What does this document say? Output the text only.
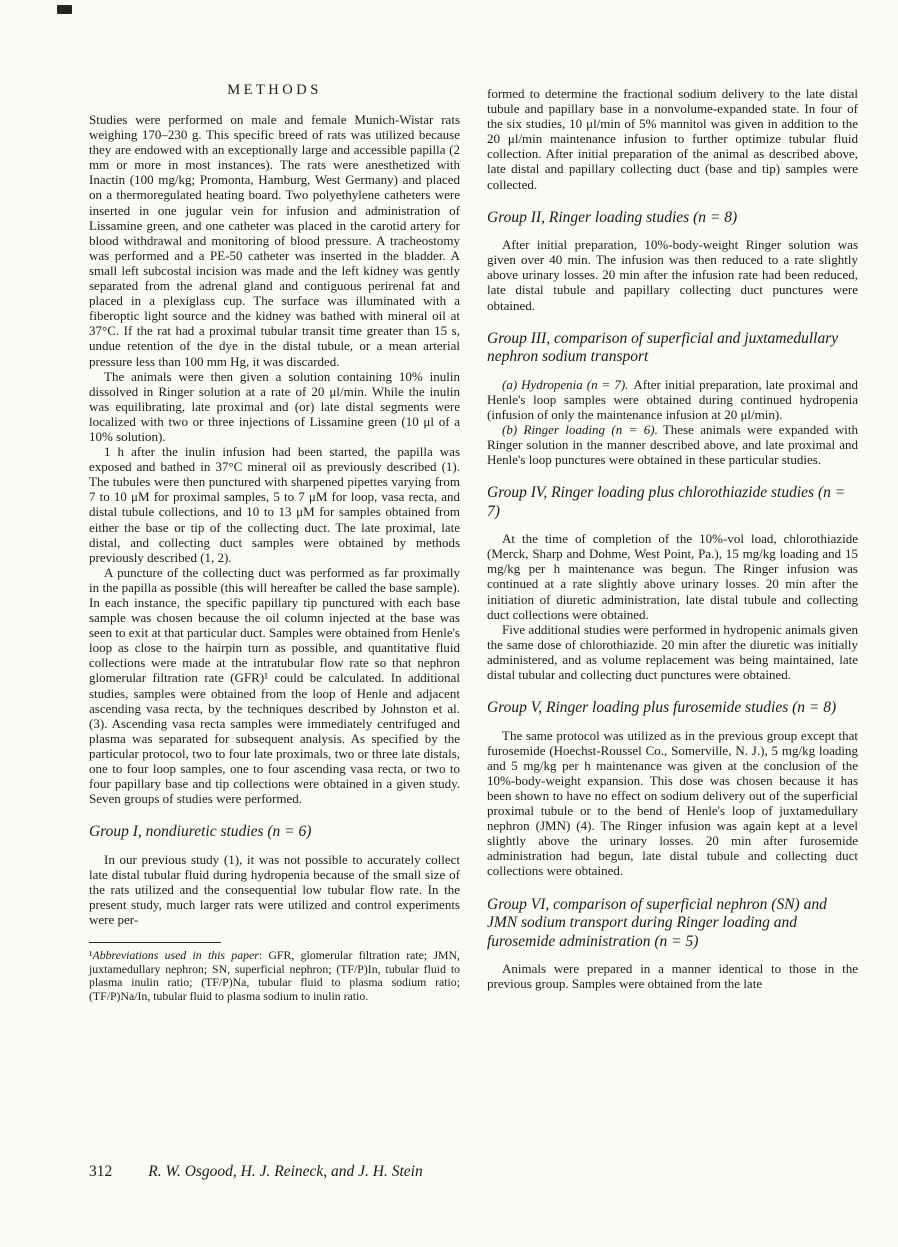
METHODS

Studies were performed on male and female Munich-Wistar rats weighing 170–230 g. This specific breed of rats was utilized because they are endowed with an exceptionally large and accessible papilla (2 mm or more in most instances). The rats were anesthetized with Inactin (100 mg/kg; Promonta, Hamburg, West Germany) and placed on a thermoregulated heating board. Two polyethylene catheters were inserted in one jugular vein for infusion and administration of Lissamine green, and one catheter was placed in the carotid artery for blood withdrawal and monitoring of blood pressure. A tracheostomy was performed and a PE-50 catheter was inserted in the bladder. A small left subcostal incision was made and the left kidney was gently separated from the adrenal gland and contiguous perirenal fat and placed in a plexiglass cup. The surface was illuminated with a fiberoptic light source and the kidney was bathed with mineral oil at 37°C. If the rat had a proximal tubular transit time greater than 15 s, undue retention of the dye in the distal tubule, or a mean arterial pressure less than 100 mm Hg, it was discarded.

The animals were then given a solution containing 10% inulin dissolved in Ringer solution at a rate of 20 μl/min. While the inulin was equilibrating, late proximal and (or) late distal segments were localized with two or three injections of Lissamine green (10 μl of a 10% solution).

1 h after the inulin infusion had been started, the papilla was exposed and bathed in 37°C mineral oil as previously described (1). The tubules were then punctured with sharpened pipettes varying from 7 to 10 μM for proximal samples, 5 to 7 μM for loop, vasa recta, and distal tubule collections, and 10 to 13 μM for samples obtained from either the base or tip of the collecting duct. The late proximal, late distal, and collecting duct samples were obtained by methods previously described (1, 2).

A puncture of the collecting duct was performed as far proximally in the papilla as possible (this will hereafter be called the base sample). In each instance, the specific papillary tip punctured with each base sample was chosen because the oil column injected at the base was seen to exit at that particular duct. Samples were obtained from Henle's loop as close to the hairpin turn as possible, and quantitative fluid collections were made at the intratubular flow rate so that nephron glomerular filtration rate (GFR)¹ could be calculated. In additional studies, samples were obtained from the loop of Henle and adjacent ascending vasa recta, by the techniques described by Johnston et al. (3). Ascending vasa recta samples were immediately centrifuged and plasma was separated for subsequent analysis. As specified by the particular protocol, two to four late proximals, two or three late distals, one to four loop samples, one to four ascending vasa recta, or two to four papillary base and tip collections were obtained in a given study. Seven groups of studies were performed.

Group I, nondiuretic studies (n = 6)

In our previous study (1), it was not possible to accurately collect late distal tubular fluid during hydropenia because of the small size of the rats utilized and the consequential low tubular flow rate. In the present study, much larger rats were utilized and control experiments were per-

¹Abbreviations used in this paper: GFR, glomerular filtration rate; JMN, juxtamedullary nephron; SN, superficial nephron; (TF/P)In, tubular fluid to plasma inulin ratio; (TF/P)Na, tubular fluid to plasma sodium ratio; (TF/P)Na/In, tubular fluid to plasma sodium to inulin ratio.

formed to determine the fractional sodium delivery to the late distal tubule and papillary base in a nonvolume-expanded state. In four of the six studies, 10 μl/min of 5% mannitol was given in addition to the 20 μl/min maintenance infusion to further optimize tubular fluid collection. After initial preparation of the animal as described above, late distal and papillary collecting duct (base and tip) samples were collected.

Group II, Ringer loading studies (n = 8)

After initial preparation, 10%-body-weight Ringer solution was given over 40 min. The infusion was then reduced to a rate slightly above urinary losses. 20 min after the infusion rate had been reduced, late distal tubule and papillary collecting duct punctures were obtained.

Group III, comparison of superficial and juxtamedullary nephron sodium transport

(a) Hydropenia (n = 7). After initial preparation, late proximal and Henle's loop samples were obtained during continued hydropenia (infusion of only the maintenance infusion at 20 μl/min).

(b) Ringer loading (n = 6). These animals were expanded with Ringer solution in the manner described above, and late proximal and Henle's loop punctures were obtained in these particular studies.

Group IV, Ringer loading plus chlorothiazide studies (n = 7)

At the time of completion of the 10%-vol load, chlorothiazide (Merck, Sharp and Dohme, West Point, Pa.), 15 mg/kg loading and 15 mg/kg per h maintenance was begun. The Ringer infusion was continued at a rate slightly above urinary losses. 20 min after the initiation of diuretic administration, late distal tubule and collecting duct collections were obtained.

Five additional studies were performed in hydropenic animals given the same dose of chlorothiazide. 20 min after the diuretic was initially administered, and as volume replacement was being maintained, late distal tubular and collecting duct punctures were obtained.

Group V, Ringer loading plus furosemide studies (n = 8)

The same protocol was utilized as in the previous group except that furosemide (Hoechst-Roussel Co., Somerville, N. J.), 5 mg/kg loading and 5 mg/kg per h maintenance was given at the conclusion of the 10%-body-weight expansion. This dose was chosen because it has been shown to have no effect on sodium delivery out of the superficial proximal tubule or to the bend of Henle's loop of juxtamedullary nephron (JMN) (4). The Ringer infusion was again kept at a level slightly above the urinary losses. 20 min after furosemide administration had begun, late distal tubule and collecting duct collections were obtained.

Group VI, comparison of superficial nephron (SN) and JMN sodium transport during Ringer loading and furosemide administration (n = 5)

Animals were prepared in a manner identical to those in the previous group. Samples were obtained from the late

312 R. W. Osgood, H. J. Reineck, and J. H. Stein
